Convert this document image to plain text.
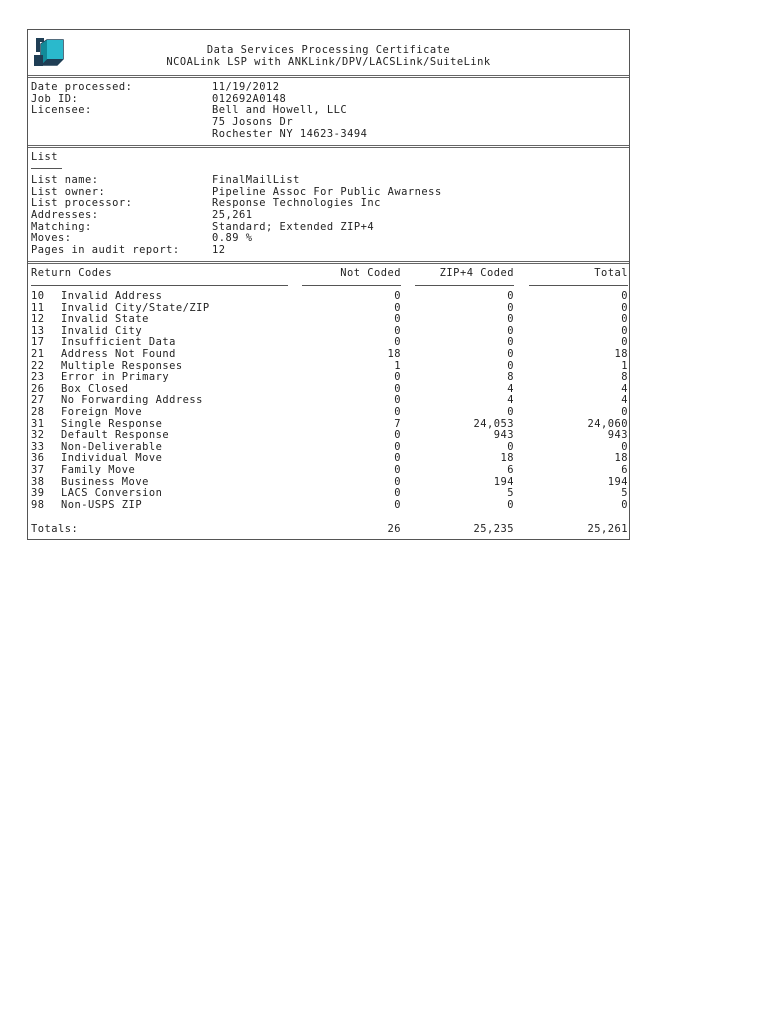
Data Services Processing Certificate
NCOALink LSP with ANKLink/DPV/LACSLink/SuiteLink
Date processed:	11/19/2012
Job ID:	012692A0148
Licensee:	Bell and Howell, LLC
75 Josons Dr
Rochester NY 14623-3494
List
List name:	FinalMailList
List owner:	Pipeline Assoc For Public Awarness
List processor:	Response Technologies Inc
Addresses:	25,261
Matching:	Standard; Extended ZIP+4
Moves:	0.89 %
Pages in audit report:	12
Return Codes	Not Coded	ZIP+4 Coded	Total
10 Invalid Address	0	0	0
11 Invalid City/State/ZIP	0	0	0
12 Invalid State	0	0	0
13 Invalid City	0	0	0
17 Insufficient Data	0	0	0
21 Address Not Found	18	0	18
22 Multiple Responses	1	0	1
23 Error in Primary	0	8	8
26 Box Closed	0	4	4
27 No Forwarding Address	0	4	4
28 Foreign Move	0	0	0
31 Single Response	7	24,053	24,060
32 Default Response	0	943	943
33 Non-Deliverable	0	0	0
36 Individual Move	0	18	18
37 Family Move	0	6	6
38 Business Move	0	194	194
39 LACS Conversion	0	5	5
98 Non-USPS ZIP	0	0	0
Totals:	26	25,235	25,261
